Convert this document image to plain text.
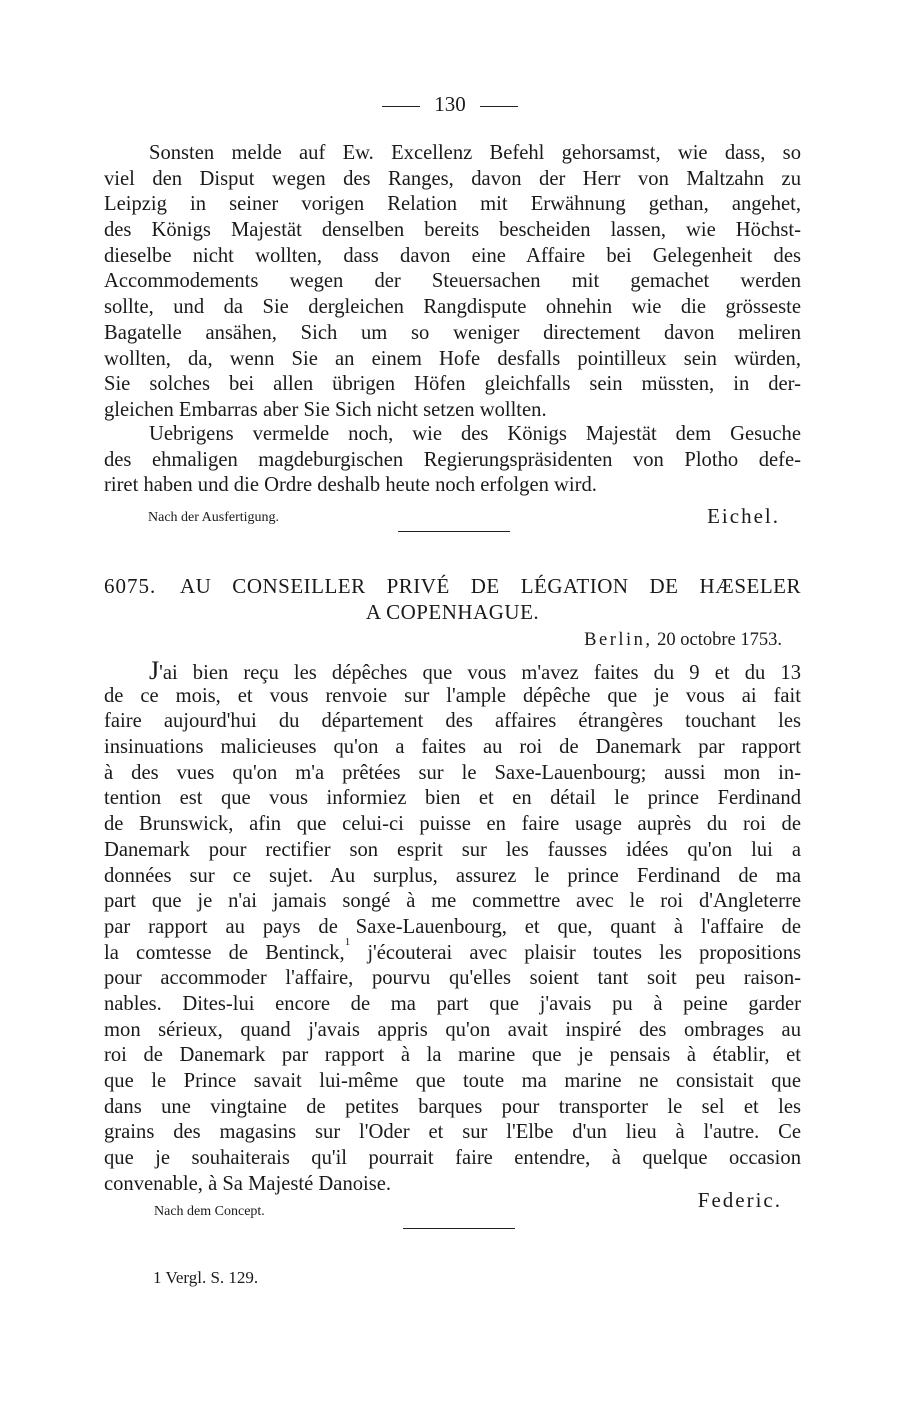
130
Sonsten melde auf Ew. Excellenz Befehl gehorsamst, wie dass, so
viel den Disput wegen des Ranges, davon der Herr von Maltzahn zu
Leipzig in seiner vorigen Relation mit Erwähnung gethan, angehet,
des Königs Majestät denselben bereits bescheiden lassen, wie Höchst-
dieselbe nicht wollten, dass davon eine Affaire bei Gelegenheit des
Accommodements wegen der Steuersachen mit gemachet werden
sollte, und da Sie dergleichen Rangdispute ohnehin wie die grösseste
Bagatelle ansähen, Sich um so weniger directement davon meliren
wollten, da, wenn Sie an einem Hofe desfalls pointilleux sein würden,
Sie solches bei allen übrigen Höfen gleichfalls sein müssten, in der-
gleichen Embarras aber Sie Sich nicht setzen wollten.
Uebrigens vermelde noch, wie des Königs Majestät dem Gesuche
des ehmaligen magdeburgischen Regierungspräsidenten von Plotho defe-
riret haben und die Ordre deshalb heute noch erfolgen wird.
Nach der Ausfertigung.	Eichel.
6075. AU CONSEILLER PRIVÉ DE LÉGATION DE HÆSELER
A COPENHAGUE.
Berlin, 20 octobre 1753.
J'ai bien reçu les dépêches que vous m'avez faites du 9 et du 13
de ce mois, et vous renvoie sur l'ample dépêche que je vous ai fait
faire aujourd'hui du département des affaires étrangères touchant les
insinuations malicieuses qu'on a faites au roi de Danemark par rapport
à des vues qu'on m'a prêtées sur le Saxe-Lauenbourg; aussi mon in-
tention est que vous informiez bien et en détail le prince Ferdinand
de Brunswick, afin que celui-ci puisse en faire usage auprès du roi de
Danemark pour rectifier son esprit sur les fausses idées qu'on lui a
données sur ce sujet. Au surplus, assurez le prince Ferdinand de ma
part que je n'ai jamais songé à me commettre avec le roi d'Angleterre
par rapport au pays de Saxe-Lauenbourg, et que, quant à l'affaire de
la comtesse de Bentinck,$^1$ j'écouterai avec plaisir toutes les propositions
pour accommoder l'affaire, pourvu qu'elles soient tant soit peu raison-
nables. Dites-lui encore de ma part que j'avais pu à peine garder
mon sérieux, quand j'avais appris qu'on avait inspiré des ombrages au
roi de Danemark par rapport à la marine que je pensais à établir, et
que le Prince savait lui-même que toute ma marine ne consistait que
dans une vingtaine de petites barques pour transporter le sel et les
grains des magasins sur l'Oder et sur l'Elbe d'un lieu à l'autre. Ce
que je souhaiterais qu'il pourrait faire entendre, à quelque occasion
convenable, à Sa Majesté Danoise.
Federic.
Nach dem Concept.
1 Vergl. S. 129.
